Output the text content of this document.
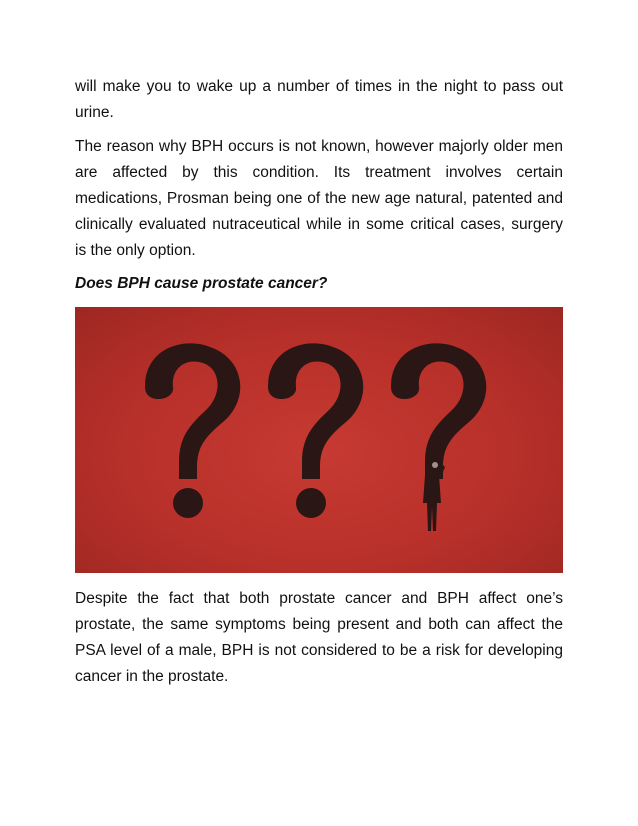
will make you to wake up a number of times in the night to pass out urine.

The reason why BPH occurs is not known, however majorly older men are affected by this condition. Its treatment involves certain medications, Prosman being one of the new age natural, patented and clinically evaluated nutraceutical while in some critical cases, surgery is the only option.

Does BPH cause prostate cancer?

Despite the fact that both prostate cancer and BPH affect one’s prostate, the same symptoms being present and both can affect the PSA level of a male, BPH is not considered to be a risk for developing cancer in the prostate.
